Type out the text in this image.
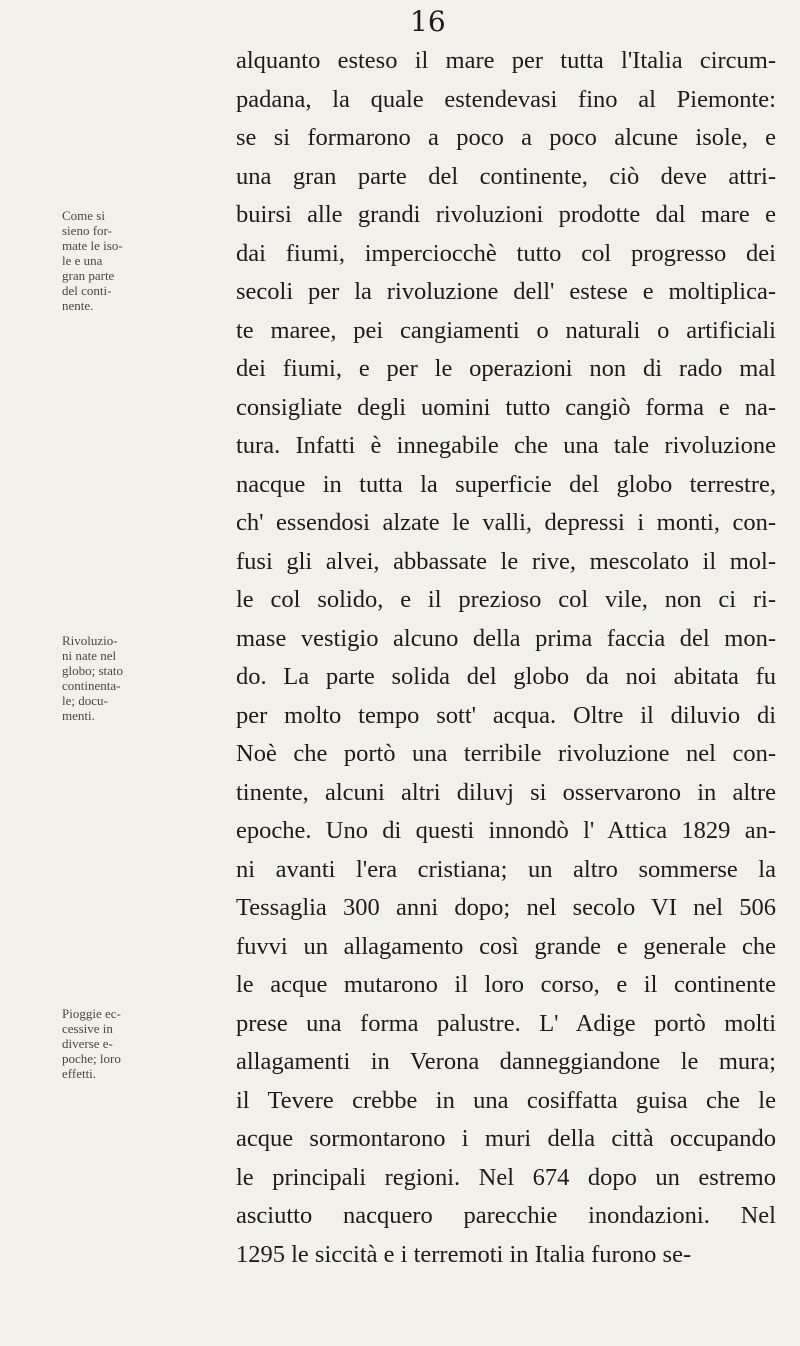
16
Come si
sieno for-
mate le iso-
le e una
gran parte
del conti-
nente.
Rivoluzio-
ni nate nel
globo; stato
continenta-
le; docu-
menti.
Pioggie ec-
cessive in
diverse e-
poche; loro
effetti.
alquanto esteso il mare per tutta l'Italia circum-
padana, la quale estendevasi fino al Piemonte:
se si formarono a poco a poco alcune isole, e
una gran parte del continente, ciò deve attri-
buirsi alle grandi rivoluzioni prodotte dal mare e
dai fiumi, imperciocchè tutto col progresso dei
secoli per la rivoluzione dell' estese e moltiplica-
te maree, pei cangiamenti o naturali o artificiali
dei fiumi, e per le operazioni non di rado mal
consigliate degli uomini tutto cangiò forma e na-
tura. Infatti è innegabile che una tale rivoluzione
nacque in tutta la superficie del globo terrestre,
ch' essendosi alzate le valli, depressi i monti, con-
fusi gli alvei, abbassate le rive, mescolato il mol-
le col solido, e il prezioso col vile, non ci ri-
mase vestigio alcuno della prima faccia del mon-
do. La parte solida del globo da noi abitata fu
per molto tempo sott' acqua. Oltre il diluvio di
Noè che portò una terribile rivoluzione nel con-
tinente, alcuni altri diluvj si osservarono in altre
epoche. Uno di questi innondò l' Attica 1829 an-
ni avanti l'era cristiana; un altro sommerse la
Tessaglia 300 anni dopo; nel secolo VI nel 506
fuvvi un allagamento così grande e generale che
le acque mutarono il loro corso, e il continente
prese una forma palustre. L' Adige portò molti
allagamenti in Verona danneggiandone le mura;
il Tevere crebbe in una cosiffatta guisa che le
acque sormontarono i muri della città occupando
le principali regioni. Nel 674 dopo un estremo
asciutto nacquero parecchie inondazioni. Nel
1295 le siccità e i terremoti in Italia furono se-
